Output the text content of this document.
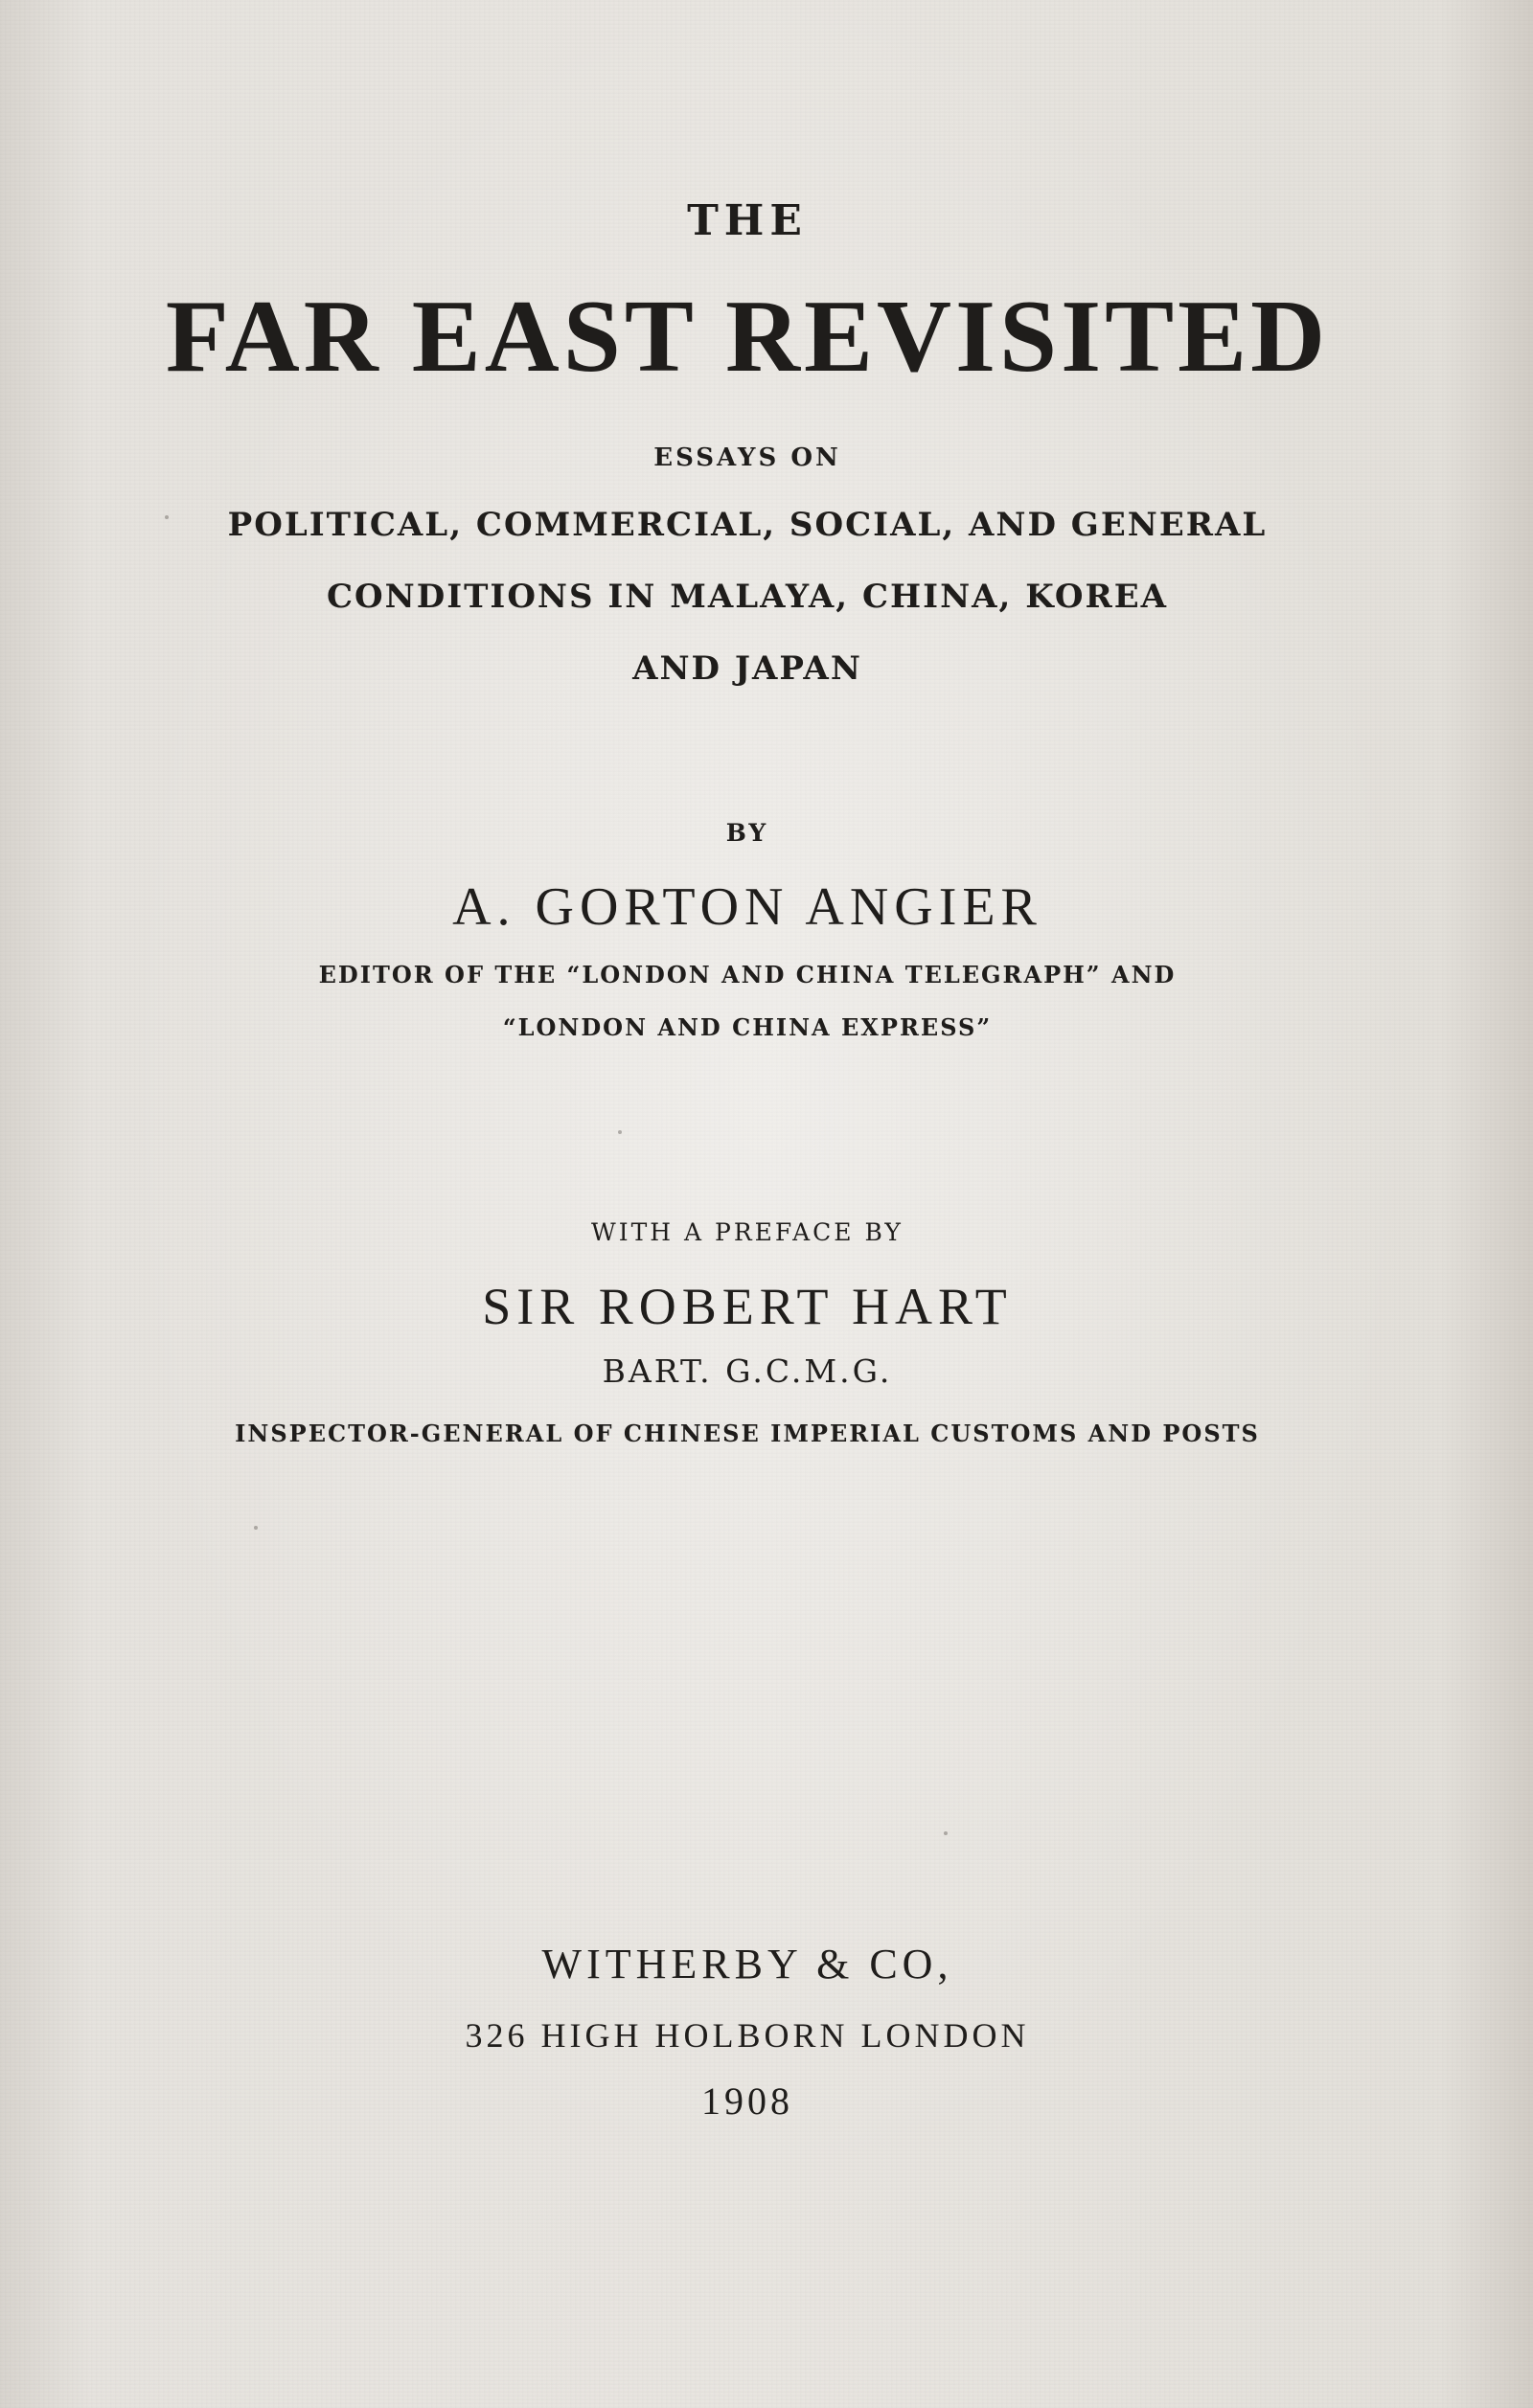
THE
FAR EAST REVISITED
ESSAYS ON
POLITICAL, COMMERCIAL, SOCIAL, AND GENERAL
CONDITIONS IN MALAYA, CHINA, KOREA
AND JAPAN
BY
A. GORTON ANGIER
EDITOR OF THE “LONDON AND CHINA TELEGRAPH” AND
“LONDON AND CHINA EXPRESS”
WITH A PREFACE BY
SIR ROBERT HART
BART. G.C.M.G.
INSPECTOR-GENERAL OF CHINESE IMPERIAL CUSTOMS AND POSTS
WITHERBY & CO,
326 HIGH HOLBORN LONDON
1908
